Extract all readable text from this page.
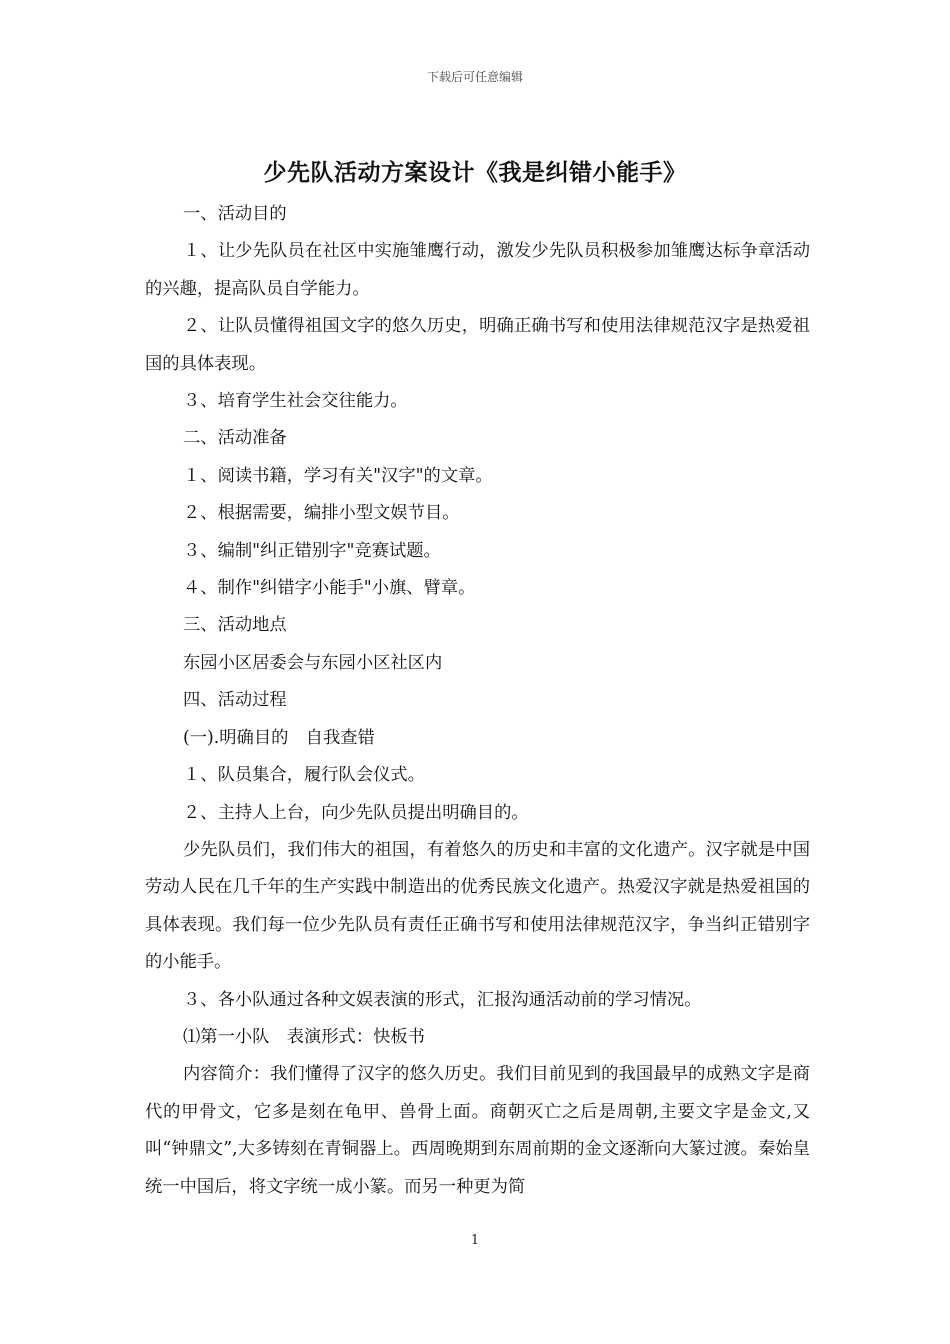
下载后可任意编辑
少先队活动方案设计《我是纠错小能手》

一、活动目的

１、让少先队员在社区中实施雏鹰行动，激发少先队员积极参加雏鹰达标争章活动的兴趣，提高队员自学能力。

２、让队员懂得祖国文字的悠久历史，明确正确书写和使用法律规范汉字是热爱祖国的具体表现。

３、培育学生社会交往能力。

二、活动准备

１、阅读书籍，学习有关"汉字"的文章。

２、根据需要，编排小型文娱节目。

３、编制"纠正错别字"竞赛试题。

４、制作"纠错字小能手"小旗、臂章。

三、活动地点

东园小区居委会与东园小区社区内

四、活动过程

(一).明确目的　自我查错

１、队员集合，履行队会仪式。

２、主持人上台，向少先队员提出明确目的。

少先队员们，我们伟大的祖国，有着悠久的历史和丰富的文化遗产。汉字就是中国劳动人民在几千年的生产实践中制造出的优秀民族文化遗产。热爱汉字就是热爱祖国的具体表现。我们每一位少先队员有责任正确书写和使用法律规范汉字，争当纠正错别字的小能手。

３、各小队通过各种文娱表演的形式，汇报沟通活动前的学习情况。

⑴第一小队　表演形式：快板书

内容简介：我们懂得了汉字的悠久历史。我们目前见到的我国最早的成熟文字是商代的甲骨文，它多是刻在龟甲、兽骨上面。商朝灭亡之后是周朝,主要文字是金文,又叫“钟鼎文”,大多铸刻在青铜器上。西周晚期到东周前期的金文逐渐向大篆过渡。秦始皇统一中国后，将文字统一成小篆。而另一种更为简

1
